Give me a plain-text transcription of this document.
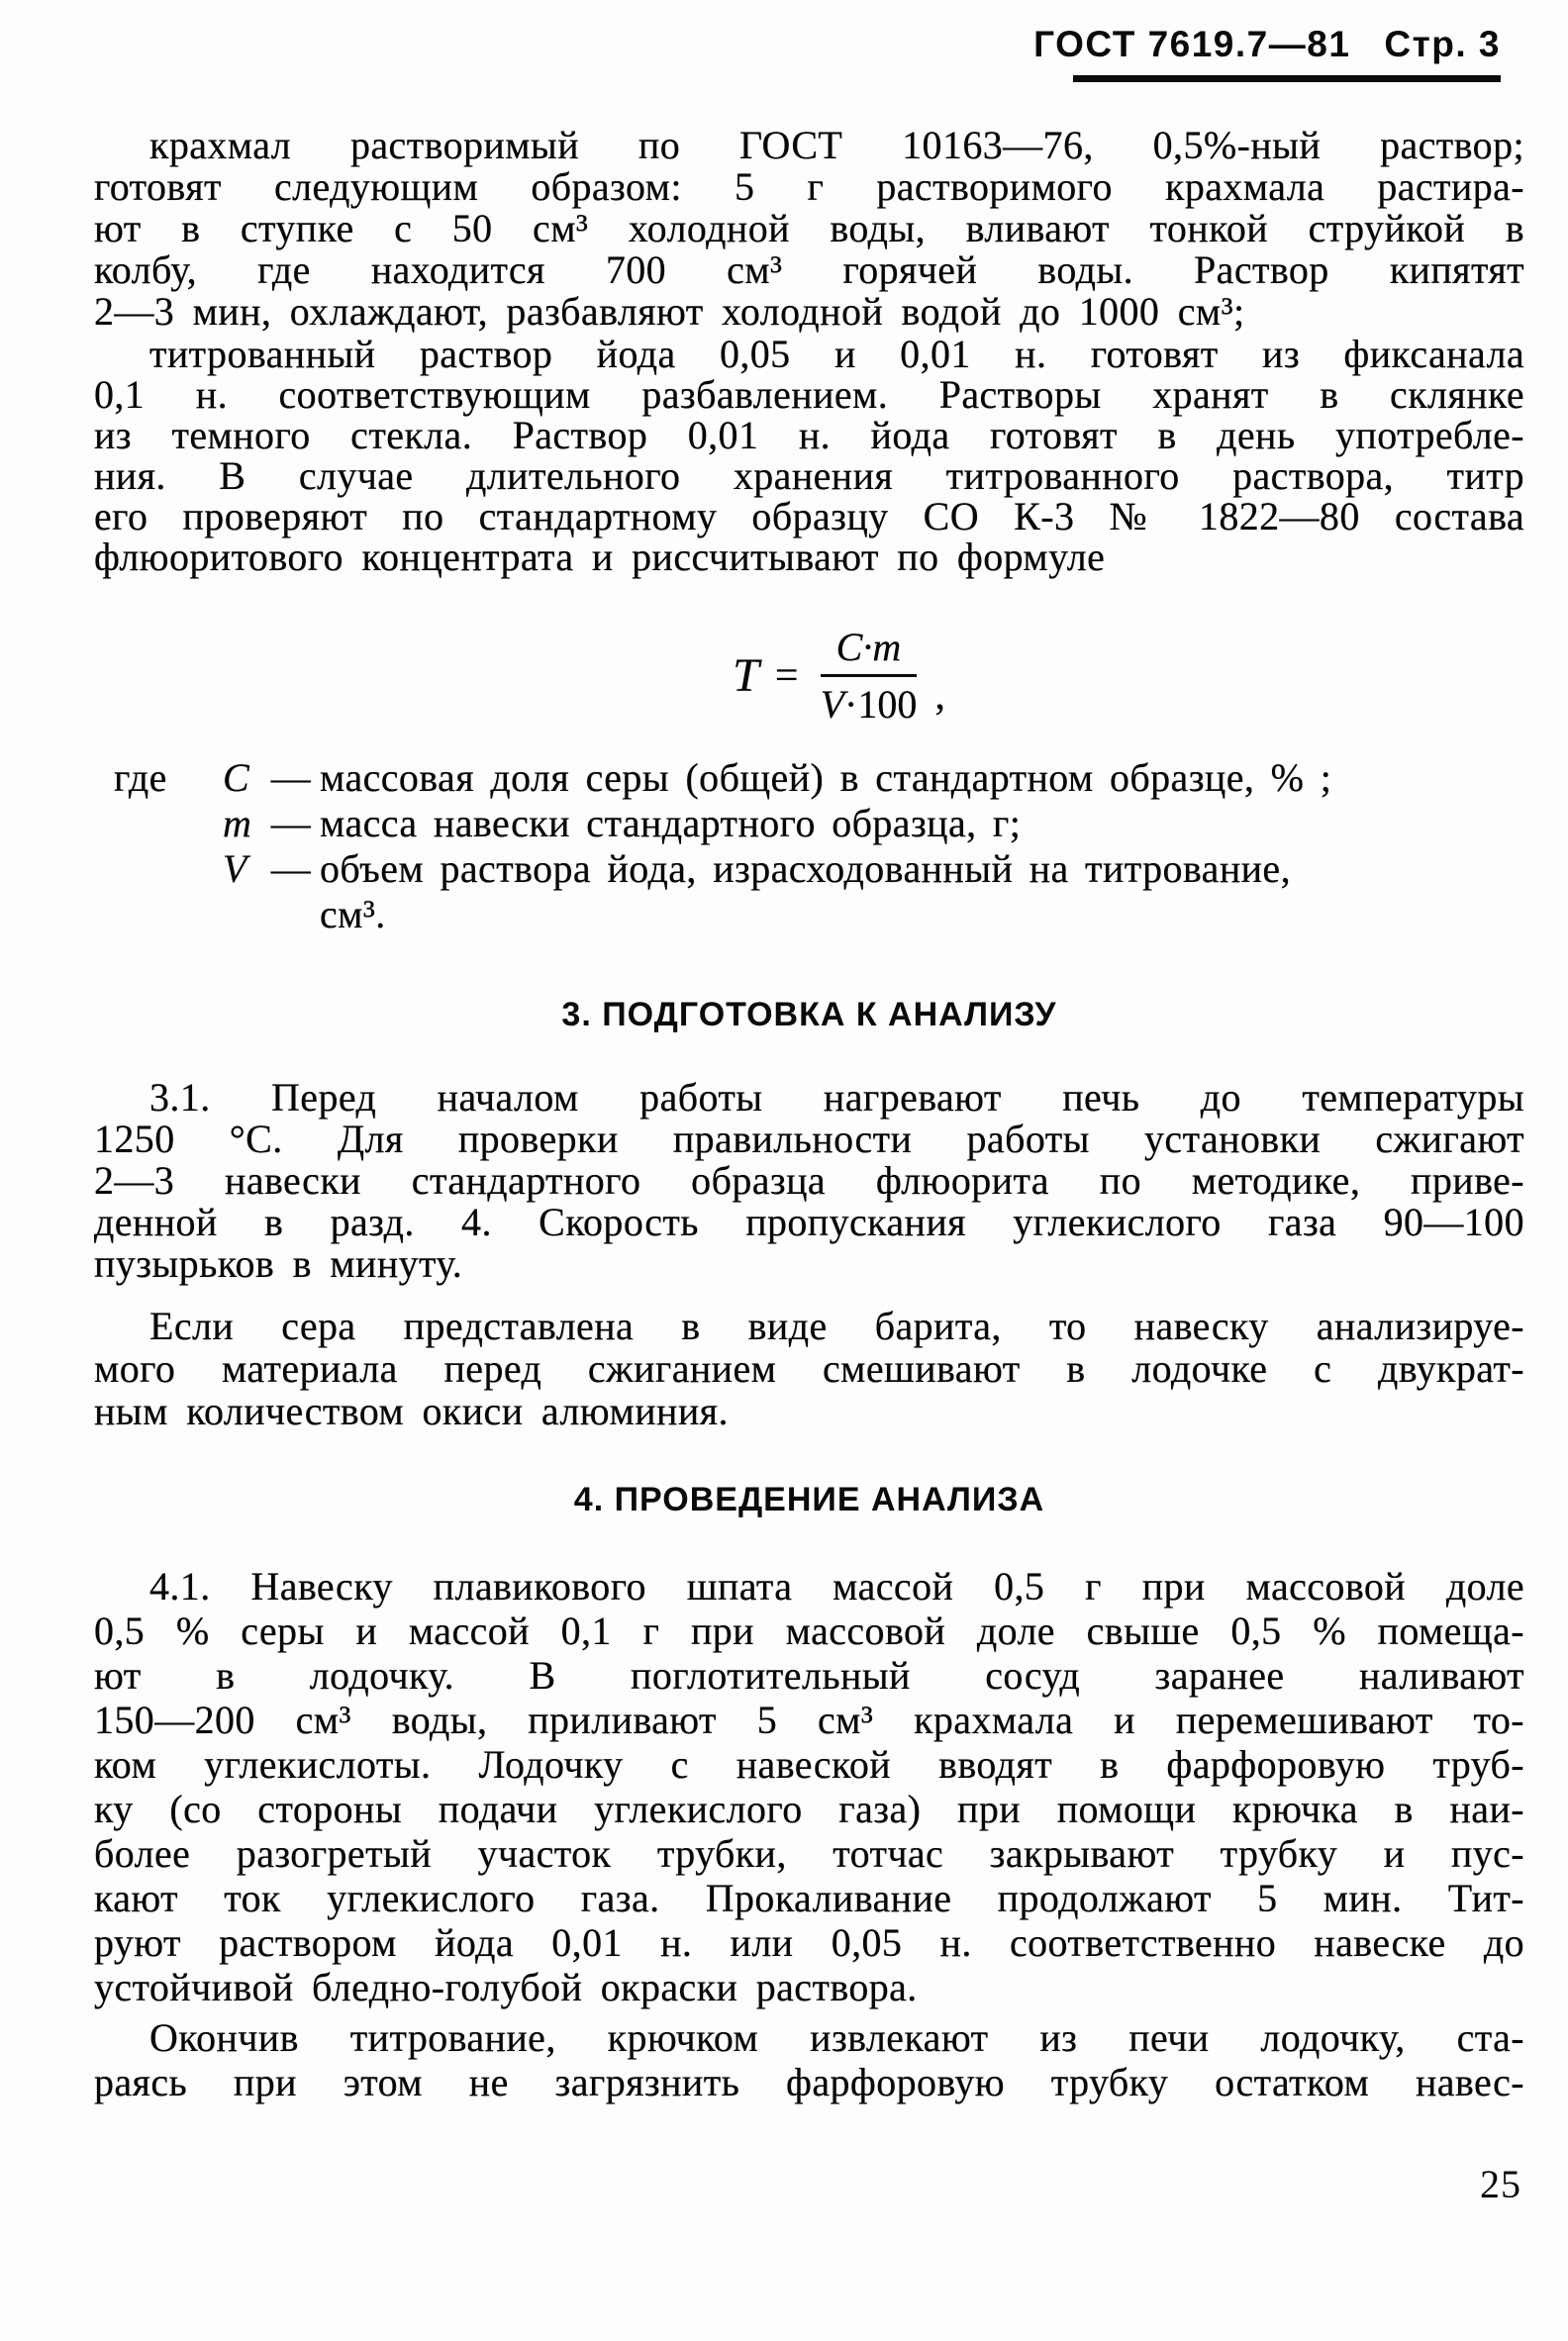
ГОСТ 7619.7—81 Стр. 3
крахмал растворимый по ГОСТ 10163—76, 0,5%-ный раствор;
готовят следующим образом: 5 г растворимого крахмала растира-
ют в ступке с 50 см³ холодной воды, вливают тонкой струйкой в
колбу, где находится 700 см³ горячей воды. Раствор кипятят
2—3 мин, охлаждают, разбавляют холодной водой до 1000 см³;
титрованный раствор йода 0,05 и 0,01 н. готовят из фиксанала
0,1 н. соответствующим разбавлением. Растворы хранят в склянке
из темного стекла. Раствор 0,01 н. йода готовят в день употребле-
ния. В случае длительного хранения титрованного раствора, титр
его проверяют по стандартному образцу СО К-3 № 1822—80 состава
флюоритового концентрата и риссчитывают по формуле
$T = \frac{C\cdot m}{V\cdot 100}$ ,
где	C — массовая доля серы (общей) в стандартном образце, % ;
m — масса навески стандартного образца, г;
V — объем раствора йода, израсходованный на титрование,
см³.
3. ПОДГОТОВКА К АНАЛИЗУ
3.1. Перед началом работы нагревают печь до температуры
1250 °С. Для проверки правильности работы установки сжигают
2—3 навески стандартного образца флюорита по методике, приве-
денной в разд. 4. Скорость пропускания углекислого газа 90—100
пузырьков в минуту.
Если сера представлена в виде барита, то навеску анализируе-
мого материала перед сжиганием смешивают в лодочке с двукрат-
ным количеством окиси алюминия.
4. ПРОВЕДЕНИЕ АНАЛИЗА
4.1. Навеску плавикового шпата массой 0,5 г при массовой доле
0,5 % серы и массой 0,1 г при массовой доле свыше 0,5 % помеща-
ют в лодочку. В поглотительный сосуд заранее наливают
150—200 см³ воды, приливают 5 см³ крахмала и перемешивают то-
ком углекислоты. Лодочку с навеской вводят в фарфоровую труб-
ку (со стороны подачи углекислого газа) при помощи крючка в наи-
более разогретый участок трубки, тотчас закрывают трубку и пус-
кают ток углекислого газа. Прокаливание продолжают 5 мин. Тит-
руют раствором йода 0,01 н. или 0,05 н. соответственно навеске до
устойчивой бледно-голубой окраски раствора.
Окончив титрование, крючком извлекают из печи лодочку, ста-
раясь при этом не загрязнить фарфоровую трубку остатком навес-
25
